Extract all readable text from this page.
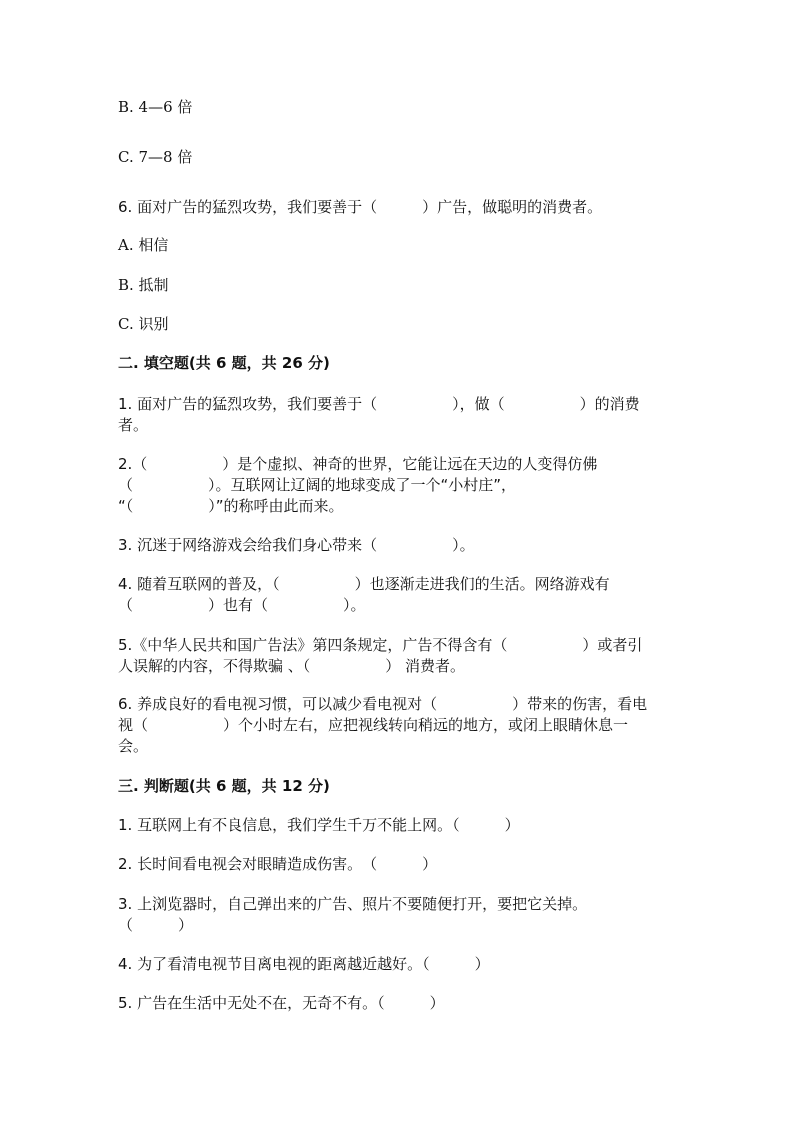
B. 4—6 倍
C. 7—8 倍
6. 面对广告的猛烈攻势，我们要善于（　　　）广告，做聪明的消费者。
A. 相信
B. 抵制
C. 识别
二. 填空题(共 6 题，共 26 分)
1. 面对广告的猛烈攻势，我们要善于（　　　　　），做（　　　　　）的消费
者。
2.（　　　　　）是个虚拟、神奇的世界，它能让远在天边的人变得仿佛
（　　　　　）。互联网让辽阔的地球变成了一个“小村庄”，
“（　　　　　）”的称呼由此而来。
3. 沉迷于网络游戏会给我们身心带来（　　　　　）。
4. 随着互联网的普及，（　　　　　）也逐渐走进我们的生活。网络游戏有
（　　　　　）也有（　　　　　）。
5.《中华人民共和国广告法》第四条规定，广告不得含有（　　　　　）或者引
人误解的内容，不得欺骗 、（　　　　　） 消费者。
6. 养成良好的看电视习惯，可以减少看电视对（　　　　　）带来的伤害，看电
视（　　　　　）个小时左右，应把视线转向稍远的地方，或闭上眼睛休息一
会。
三. 判断题(共 6 题，共 12 分)
1. 互联网上有不良信息，我们学生千万不能上网。（　　　）
2. 长时间看电视会对眼睛造成伤害。　（　　　）
3. 上浏览器时，自己弹出来的广告、照片不要随便打开，要把它关掉。
（　　　）
4. 为了看清电视节目离电视的距离越近越好。（　　　）
5. 广告在生活中无处不在，无奇不有。（　　　）
